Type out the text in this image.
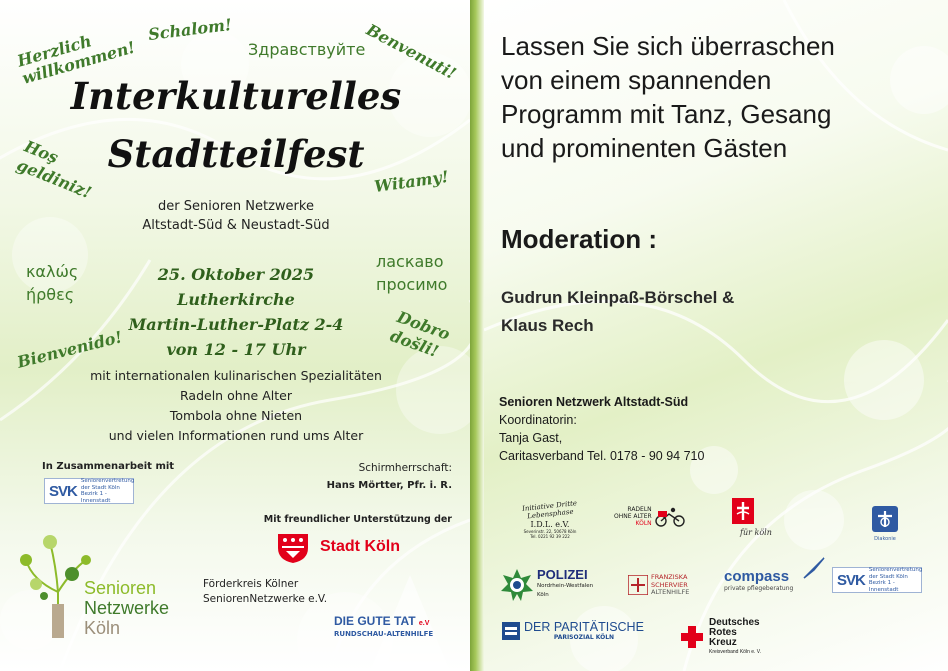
Herzlich willkommen!
Schalom!
Здравствуйте
Benvenuti!
Interkulturelles
Stadtteilfest
Hoş geldiniz!	Witamy!
der Senioren Netzwerke
Altstadt-Süd & Neustadt-Süd
καλώς ήρθες
ласкаво просимо
25. Oktober 2025
Lutherkirche
Martin-Luther-Platz 2-4
von 12 - 17 Uhr
Dobro došli!
Bienvenido!
mit internationalen kulinarischen Spezialitäten
Radeln ohne Alter
Tombola ohne Nieten
und vielen Informationen rund ums Alter
In Zusammenarbeit mit
SVK
Seniorenvertretung
der Stadt Köln
Bezirk 1 - Innenstadt
Schirmherrschaft:
Hans Mörtter, Pfr. i. R.
Mit freundlicher Unterstützung der
Stadt Köln
Senioren
Netzwerke
Köln
Förderkreis Kölner
SeniorenNetzwerke e.V.
DIE GUTE TAT e.V
RUNDSCHAU-ALTENHILFE
Lassen Sie sich überraschen
von einem spannenden
Programm mit Tanz, Gesang
und prominenten Gästen
Moderation :
Gudrun Kleinpaß-Börschel &
Klaus Rech
Senioren Netzwerk Altstadt-Süd
Koordinatorin:
Tanja Gast,
Caritasverband Tel. 0178 - 90 94 710
Initiative Dritte Lebensphase
I.D.L. e.V.
Severinstr. 22, 50678 Köln
Tel. 0221 92 39 222
RADELN
OHNE ALTER
KÖLN
für köln
Diakonie
POLIZEI
Nordrhein-Westfalen
Köln
FRANZISKA
SCHERVIER
ALTENHILFE
compass
private pflegeberatung	SVK
Seniorenvertretung
der Stadt Köln
Bezirk 1 - Innenstadt
DER PARITÄTISCHE
PARISOZIAL KÖLN
Deutsches
Rotes
Kreuz
Kreisverband Köln e. V.
